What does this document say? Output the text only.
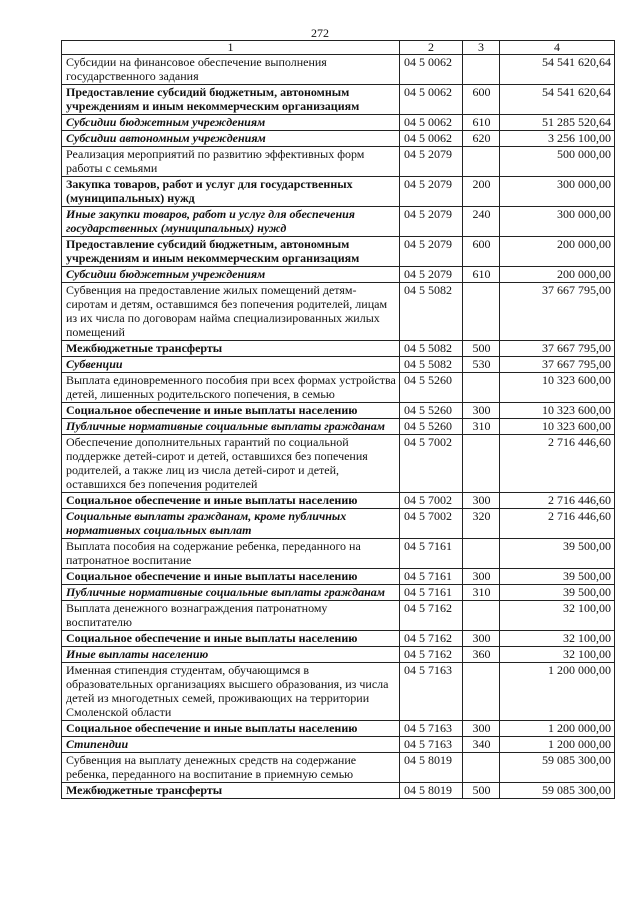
272
1	2	3	4
Субсидии на финансовое обеспечение выполнения государственного задания	04 5 0062		54 541 620,64
Предоставление субсидий бюджетным, автономным учреждениям и иным некоммерческим организациям	04 5 0062	600	54 541 620,64
Субсидии бюджетным учреждениям	04 5 0062	610	51 285 520,64
Субсидии автономным учреждениям	04 5 0062	620	3 256 100,00
Реализация мероприятий по развитию эффективных форм работы с семьями	04 5 2079		500 000,00
Закупка товаров, работ и услуг для государственных (муниципальных) нужд	04 5 2079	200	300 000,00
Иные закупки товаров, работ и услуг для обеспечения государственных (муниципальных) нужд	04 5 2079	240	300 000,00
Предоставление субсидий бюджетным, автономным учреждениям и иным некоммерческим организациям	04 5 2079	600	200 000,00
Субсидии бюджетным учреждениям	04 5 2079	610	200 000,00
Субвенция на предоставление жилых помещений детям-сиротам и детям, оставшимся без попечения родителей, лицам из их числа по договорам найма специализированных жилых помещений	04 5 5082		37 667 795,00
Межбюджетные трансферты	04 5 5082	500	37 667 795,00
Субвенции	04 5 5082	530	37 667 795,00
Выплата единовременного пособия при всех формах устройства детей, лишенных родительского попечения, в семью	04 5 5260		10 323 600,00
Социальное обеспечение и иные выплаты населению	04 5 5260	300	10 323 600,00
Публичные нормативные социальные выплаты гражданам	04 5 5260	310	10 323 600,00
Обеспечение дополнительных гарантий по социальной поддержке детей-сирот и детей, оставшихся без попечения родителей, а также лиц из числа детей-сирот и детей, оставшихся без попечения родителей	04 5 7002		2 716 446,60
Социальное обеспечение и иные выплаты населению	04 5 7002	300	2 716 446,60
Социальные выплаты гражданам, кроме публичных нормативных социальных выплат	04 5 7002	320	2 716 446,60
Выплата пособия на содержание ребенка, переданного на патронатное воспитание	04 5 7161		39 500,00
Социальное обеспечение и иные выплаты населению	04 5 7161	300	39 500,00
Публичные нормативные социальные выплаты гражданам	04 5 7161	310	39 500,00
Выплата денежного вознаграждения патронатному воспитателю	04 5 7162		32 100,00
Социальное обеспечение и иные выплаты населению	04 5 7162	300	32 100,00
Иные выплаты населению	04 5 7162	360	32 100,00
Именная стипендия студентам, обучающимся в образовательных организациях высшего образования, из числа детей из многодетных семей, проживающих на территории Смоленской области	04 5 7163		1 200 000,00
Социальное обеспечение и иные выплаты населению	04 5 7163	300	1 200 000,00
Стипендии	04 5 7163	340	1 200 000,00
Субвенция на выплату денежных средств на содержание ребенка, переданного на воспитание в приемную семью	04 5 8019		59 085 300,00
Межбюджетные трансферты	04 5 8019	500	59 085 300,00
